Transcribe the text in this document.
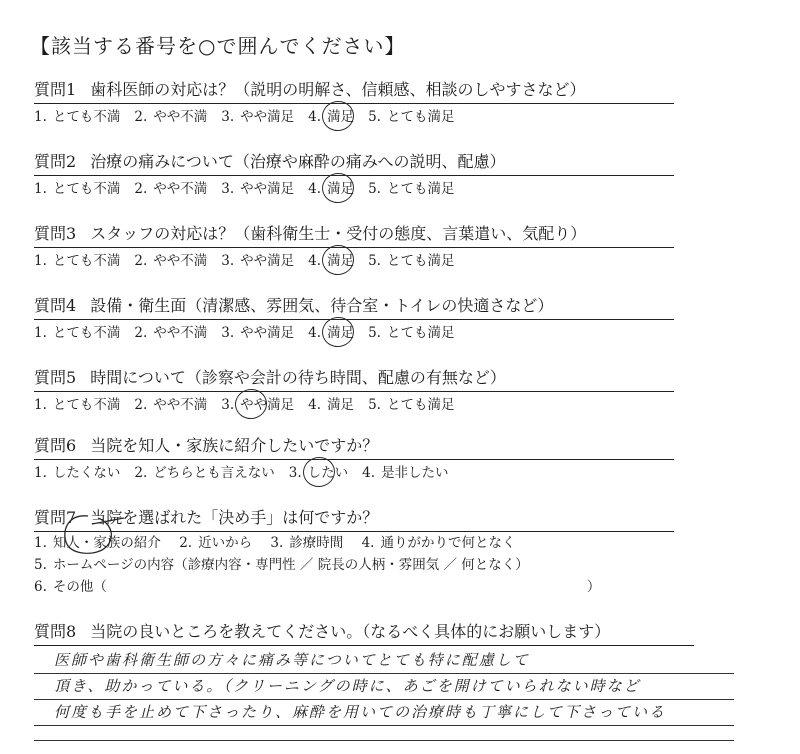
【該当する番号を○で囲んでください】
質問1 歯科医師の対応は？（説明の明解さ、信頼感、相談のしやすさなど）
1. とても不満 2. やや不満 3. やや満足 4. 満足 5. とても満足
質問2 治療の痛みについて（治療や麻酔の痛みへの説明、配慮）
1. とても不満 2. やや不満 3. やや満足 4. 満足 5. とても満足
質問3 スタッフの対応は？（歯科衛生士・受付の態度、言葉遣い、気配り）
1. とても不満 2. やや不満 3. やや満足 4. 満足 5. とても満足
質問4 設備・衛生面（清潔感、雰囲気、待合室・トイレの快適さなど）
1. とても不満 2. やや不満 3. やや満足 4. 満足 5. とても満足
質問5 時間について（診察や会計の待ち時間、配慮の有無など）
1. とても不満 2. やや不満 3. やや満足 4. 満足 5. とても満足
質問6 当院を知人・家族に紹介したいですか？
1. したくない 2. どちらとも言えない 3. したい 4. 是非したい
質問7 当院を選ばれた「決め手」は何ですか？
1. 知人・家族の紹介 2. 近いから 3. 診療時間 4. 通りがかりで何となく
5. ホームページの内容（診療内容・専門性 ／ 院長の人柄・雰囲気 ／ 何となく）
6. その他（	）
質問8 当院の良いところを教えてください。（なるべく具体的にお願いします）
医師や歯科衛生師の方々に痛み等についてとても特に配慮して
頂き、助かっている。（クリーニングの時に、あごを開けていられない時など
何度も手を止めて下さったり、麻酔を用いての治療時も丁寧にして下さっている
